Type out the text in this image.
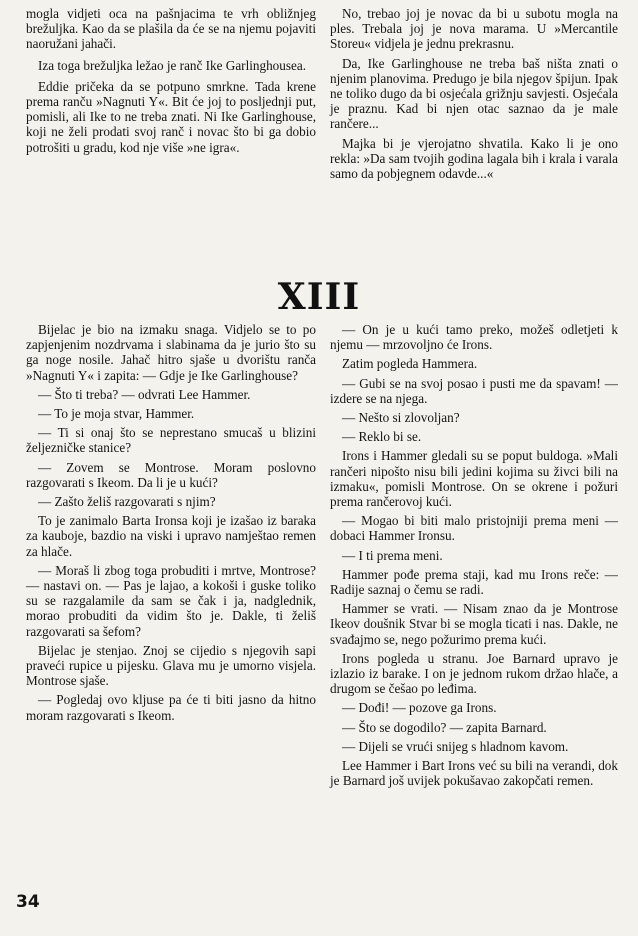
mogla vidjeti oca na pašnjacima te vrh obližnjeg brežuljka. Kao da se plašila da će se na njemu pojaviti naoružani jahači.

Iza toga brežuljka ležao je ranč Ike Garlinghousea.

Eddie pričeka da se potpuno smrkne. Tada krene prema ranču »Nagnuti Y«. Bit će joj to posljednji put, pomisli, ali Ike to ne treba znati. Ni Ike Garlinghouse, koji ne želi prodati svoj ranč i novac što bi ga dobio potrošiti u gradu, kod nje više »ne igra«.

No, trebao joj je novac da bi u subotu mogla na ples. Trebala joj je nova marama. U »Mercantile Storeu« vidjela je jednu prekrasnu.

Da, Ike Garlinghouse ne treba baš ništa znati o njenim planovima. Predugo je bila njegov špijun. Ipak ne toliko dugo da bi osjećala grižnju savjesti. Osjećala je praznu. Kad bi njen otac saznao da je male rančere...

Majka bi je vjerojatno shvatila. Kako li je ono rekla: »Da sam tvojih godina lagala bih i krala i varala samo da pobjegnem odavde...«

XIII

Bijelac je bio na izmaku snaga. Vidjelo se to po zapjenjenim nozdrvama i slabinama da je jurio što su ga noge nosile. Jahač hitro sjaše u dvorištu ranča »Nagnuti Y« i zapita: — Gdje je Ike Garlinghouse?

— Što ti treba? — odvrati Lee Hammer.

— To je moja stvar, Hammer.

— Ti si onaj što se neprestano smucaš u blizini željezničke stanice?

— Zovem se Montrose. Moram poslovno razgovarati s Ikeom. Da li je u kući?

— Zašto želiš razgovarati s njim?

To je zanimalo Barta Ironsa koji je izašao iz baraka za kauboje, bazdio na viski i upravo namještao remen za hlače.

— Moraš li zbog toga probuditi i mrtve, Montrose? — nastavi on. — Pas je lajao, a kokoši i guske toliko su se razgalamile da sam se čak i ja, nadglednik, morao probuditi da vidim što je. Dakle, ti želiš razgovarati sa šefom?

Bijelac je stenjao. Znoj se cijedio s njegovih sapi praveći rupice u pijesku. Glava mu je umorno visjela. Montrose sjaše.

— Pogledaj ovo kljuse pa će ti biti jasno da hitno moram razgovarati s Ikeom.

— On je u kući tamo preko, možeš odletjeti k njemu — mrzovoljno će Irons.

Zatim pogleda Hammera.

— Gubi se na svoj posao i pusti me da spavam! — izdere se na njega.

— Nešto si zlovoljan?

— Reklo bi se.

Irons i Hammer gledali su se poput buldoga. »Mali rančeri nipošto nisu bili jedini kojima su živci bili na izmaku«, pomisli Montrose. On se okrene i požuri prema rančerovoj kući.

— Mogao bi biti malo pristojniji prema meni — dobaci Hammer Ironsu.

— I ti prema meni.

Hammer pođe prema staji, kad mu Irons reče: — Radije saznaj o čemu se radi.

Hammer se vrati. — Nisam znao da je Montrose Ikeov doušnik Stvar bi se mogla ticati i nas. Dakle, ne svađajmo se, nego požurimo prema kući.

Irons pogleda u stranu. Joe Barnard upravo je izlazio iz barake. I on je jednom rukom držao hlače, a drugom se češao po leđima.

— Dođi! — pozove ga Irons.

— Što se dogodilo? — zapita Barnard.

— Dijeli se vrući snijeg s hladnom kavom.

Lee Hammer i Bart Irons već su bili na verandi, dok je Barnard još uvijek pokušavao zakopčati remen.

34
